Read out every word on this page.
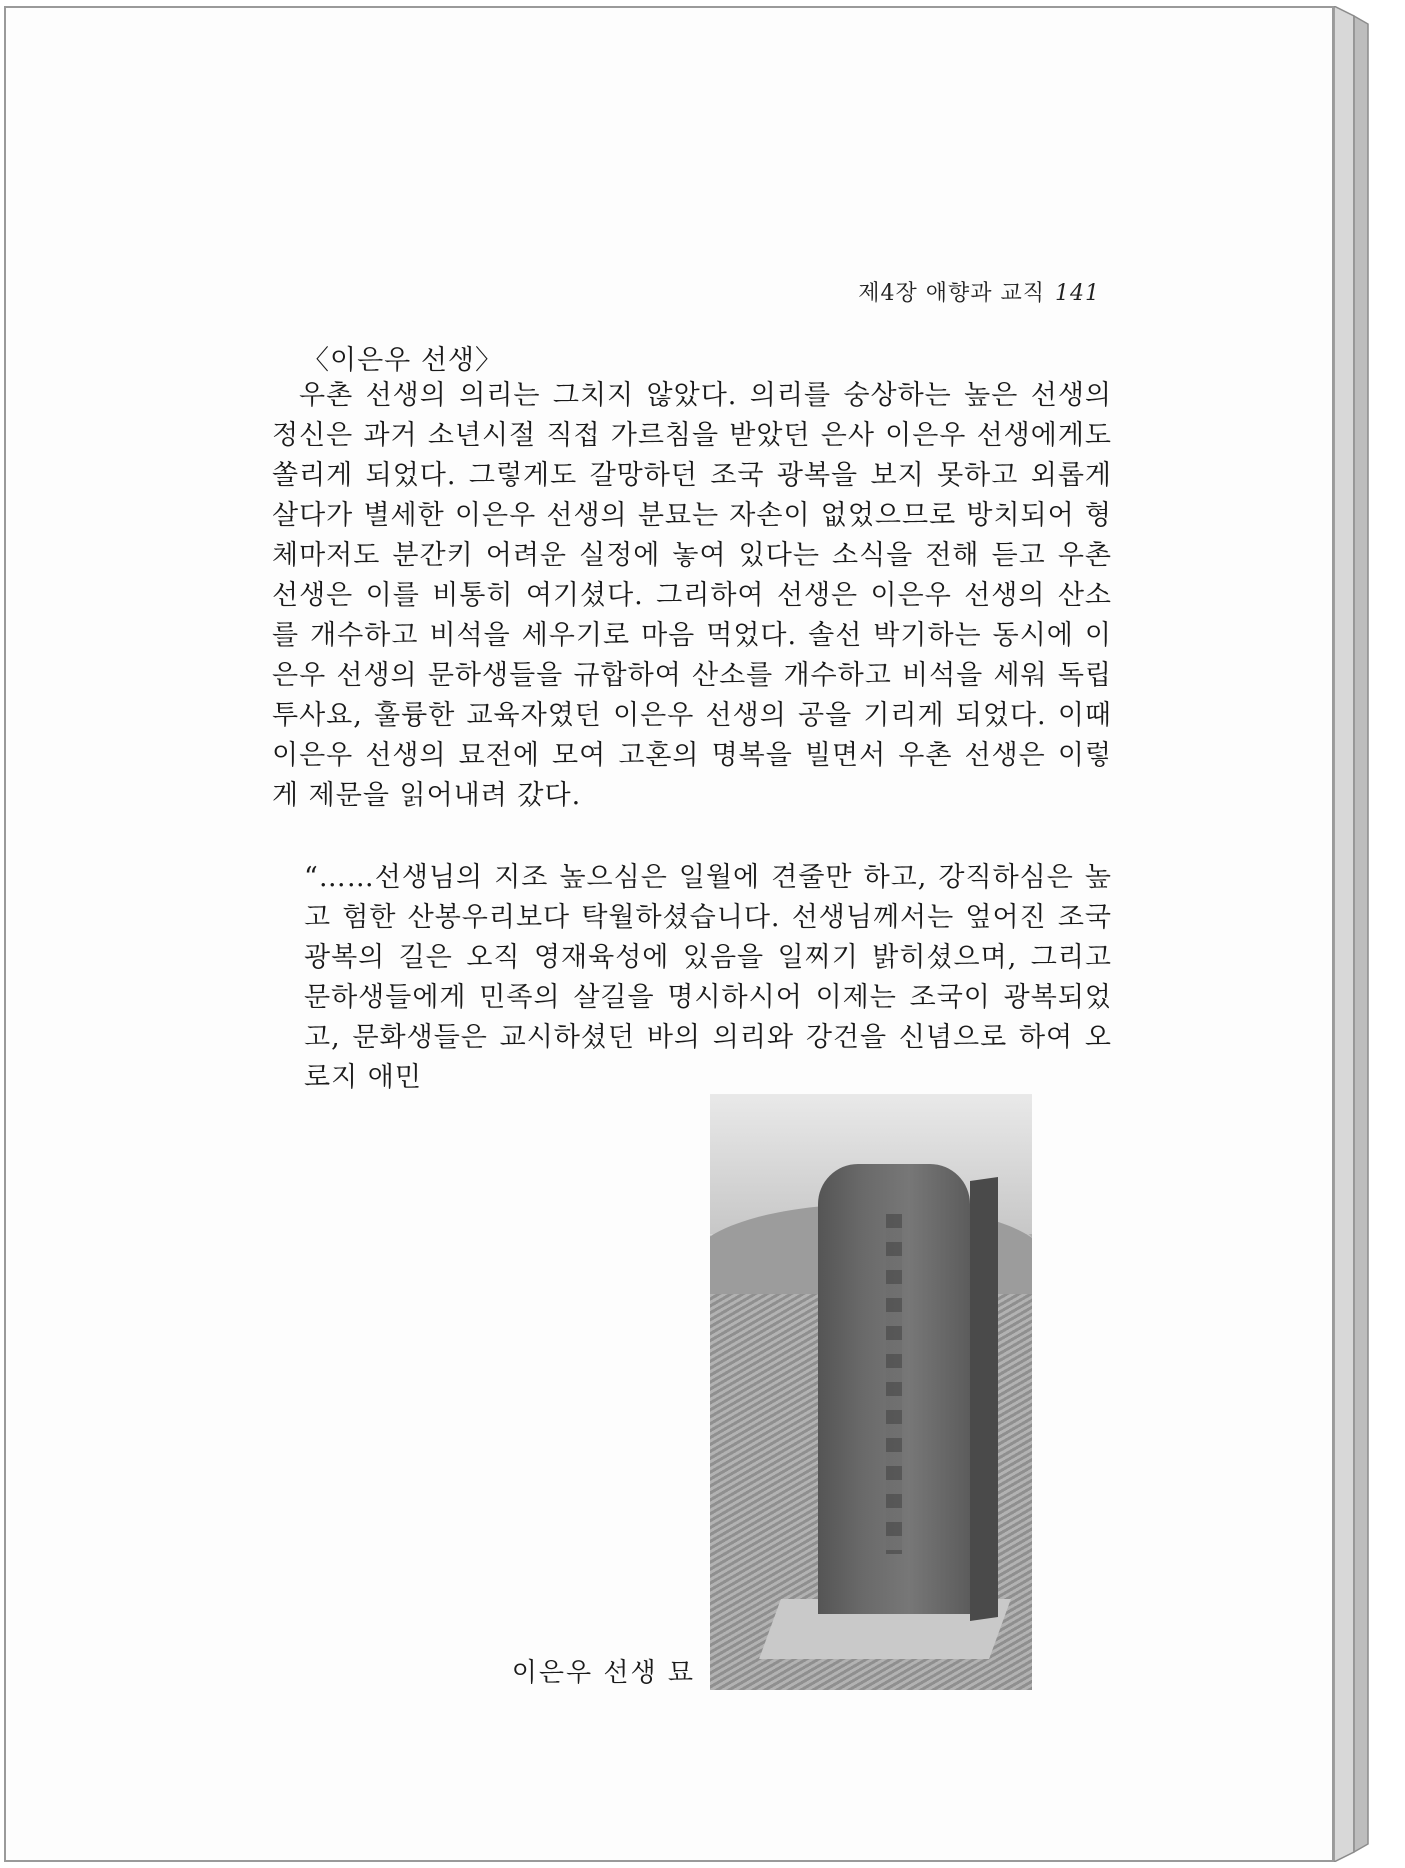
제4장 애향과 교직 141
〈이은우 선생〉

우촌 선생의 의리는 그치지 않았다. 의리를 숭상하는 높은 선생의 정신은 과거 소년시절 직접 가르침을 받았던 은사 이은우 선생에게도 쏠리게 되었다. 그렇게도 갈망하던 조국 광복을 보지 못하고 외롭게 살다가 별세한 이은우 선생의 분묘는 자손이 없었으므로 방치되어 형체마저도 분간키 어려운 실정에 놓여 있다는 소식을 전해 듣고 우촌 선생은 이를 비통히 여기셨다. 그리하여 선생은 이은우 선생의 산소를 개수하고 비석을 세우기로 마음 먹었다. 솔선 박기하는 동시에 이은우 선생의 문하생들을 규합하여 산소를 개수하고 비석을 세워 독립투사요, 훌륭한 교육자였던 이은우 선생의 공을 기리게 되었다. 이때 이은우 선생의 묘전에 모여 고혼의 명복을 빌면서 우촌 선생은 이렇게 제문을 읽어내려 갔다.

“……선생님의 지조 높으심은 일월에 견줄만 하고, 강직하심은 높고 험한 산봉우리보다 탁월하셨습니다. 선생님께서는 엎어진 조국 광복의 길은 오직 영재육성에 있음을 일찌기 밝히셨으며, 그리고 문하생들에게 민족의 살길을 명시하시어 이제는 조국이 광복되었고, 문화생들은 교시하셨던 바의 의리와 강건을 신념으로 하여 오로지 애민

이은우 선생 묘
